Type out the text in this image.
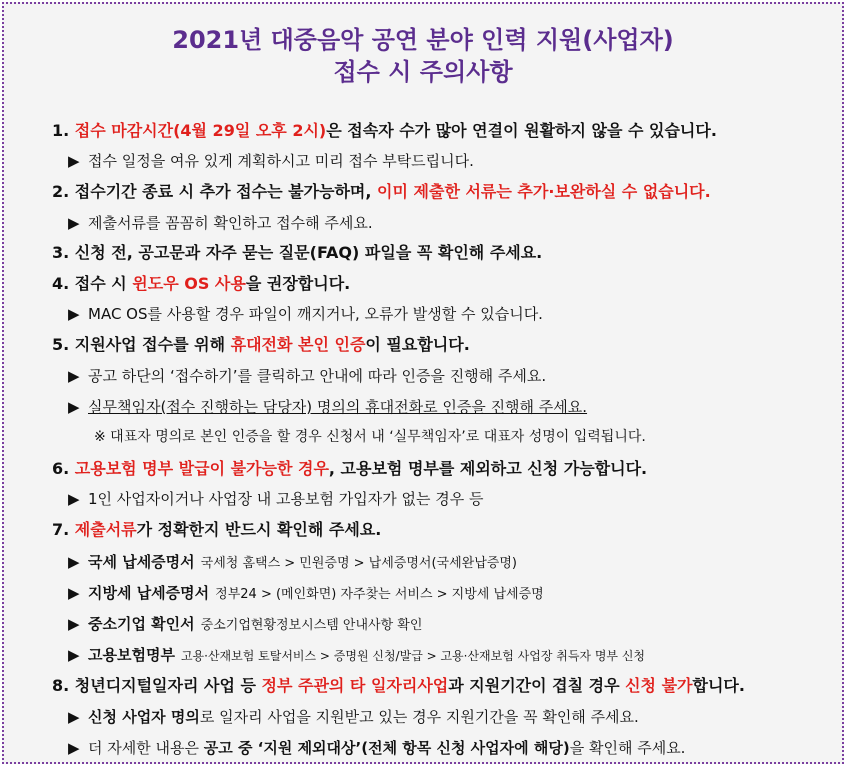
2021년 대중음악 공연 분야 인력 지원(사업자)
접수 시 주의사항
1. 접수 마감시간(4월 29일 오후 2시)은 접속자 수가 많아 연결이 원활하지 않을 수 있습니다.
▶ 접수 일정을 여유 있게 계획하시고 미리 접수 부탁드립니다.
2. 접수기간 종료 시 추가 접수는 불가능하며, 이미 제출한 서류는 추가·보완하실 수 없습니다.
▶ 제출서류를 꼼꼼히 확인하고 접수해 주세요.
3. 신청 전, 공고문과 자주 묻는 질문(FAQ) 파일을 꼭 확인해 주세요.
4. 접수 시 윈도우 OS 사용을 권장합니다.
▶ MAC OS를 사용할 경우 파일이 깨지거나, 오류가 발생할 수 있습니다.
5. 지원사업 접수를 위해 휴대전화 본인 인증이 필요합니다.
▶ 공고 하단의 ‘접수하기’를 클릭하고 안내에 따라 인증을 진행해 주세요.
▶ 실무책임자(접수 진행하는 담당자) 명의의 휴대전화로 인증을 진행해 주세요.
※ 대표자 명의로 본인 인증을 할 경우 신청서 내 ‘실무책임자’로 대표자 성명이 입력됩니다.
6. 고용보험 명부 발급이 불가능한 경우, 고용보험 명부를 제외하고 신청 가능합니다.
▶ 1인 사업자이거나 사업장 내 고용보험 가입자가 없는 경우 등
7. 제출서류가 정확한지 반드시 확인해 주세요.
▶ 국세 납세증명서 국세청 홈택스 > 민원증명 > 납세증명서(국세완납증명)
▶ 지방세 납세증명서 정부24 > (메인화면) 자주찾는 서비스 > 지방세 납세증명
▶ 중소기업 확인서 중소기업현황정보시스템 안내사항 확인
▶ 고용보험명부 고용·산재보험 토탈서비스 > 증명원 신청/발급 > 고용·산재보험 사업장 취득자 명부 신청
8. 청년디지털일자리 사업 등 정부 주관의 타 일자리사업과 지원기간이 겹칠 경우 신청 불가합니다.
▶ 신청 사업자 명의로 일자리 사업을 지원받고 있는 경우 지원기간을 꼭 확인해 주세요.
▶ 더 자세한 내용은 공고 중 ‘지원 제외대상’(전체 항목 신청 사업자에 해당)을 확인해 주세요.
